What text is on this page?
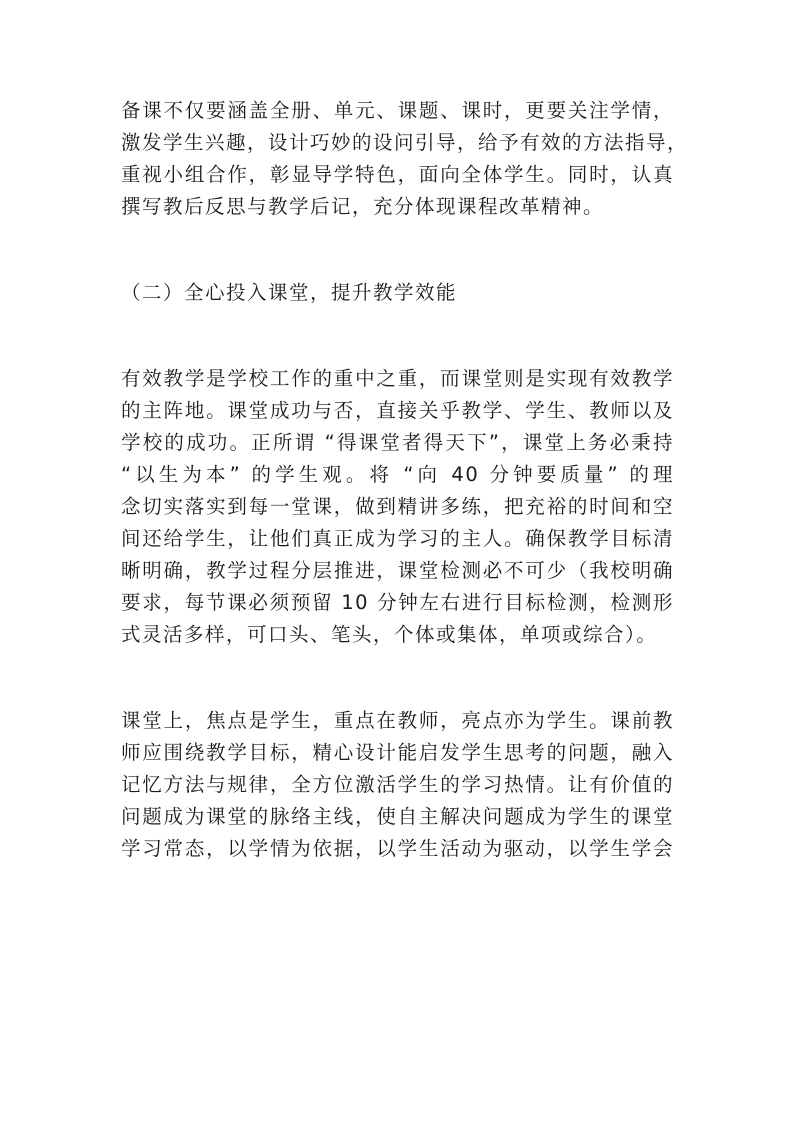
备课不仅要涵盖全册、单元、课题、课时，更要关注学情，
激发学生兴趣，设计巧妙的设问引导，给予有效的方法指导，
重视小组合作，彰显导学特色，面向全体学生。同时，认真
撰写教后反思与教学后记，充分体现课程改革精神。
（二）全心投入课堂，提升教学效能
有效教学是学校工作的重中之重，而课堂则是实现有效教学
的主阵地。课堂成功与否，直接关乎教学、学生、教师以及
学校的成功。正所谓 “得课堂者得天下”，课堂上务必秉持
“以生为本” 的学生观。将 “向 40 分钟要质量” 的理
念切实落实到每一堂课，做到精讲多练，把充裕的时间和空
间还给学生，让他们真正成为学习的主人。确保教学目标清
晰明确，教学过程分层推进，课堂检测必不可少（我校明确
要求，每节课必须预留 10 分钟左右进行目标检测，检测形
式灵活多样，可口头、笔头，个体或集体，单项或综合）。
课堂上，焦点是学生，重点在教师，亮点亦为学生。课前教
师应围绕教学目标，精心设计能启发学生思考的问题，融入
记忆方法与规律，全方位激活学生的学习热情。让有价值的
问题成为课堂的脉络主线，使自主解决问题成为学生的课堂
学习常态，以学情为依据，以学生活动为驱动，以学生学会
